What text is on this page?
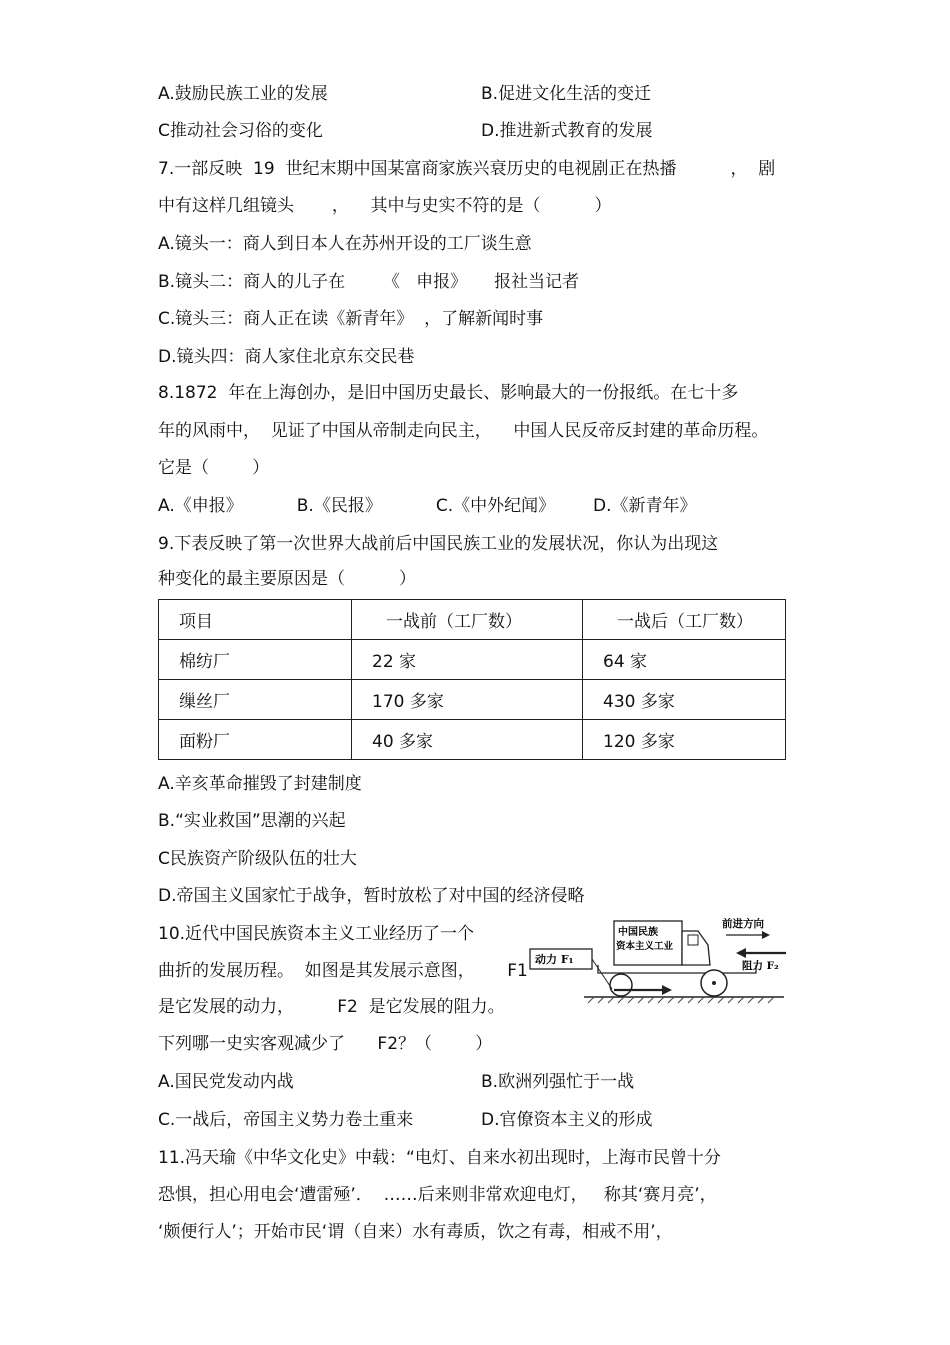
A.鼓励民族工业的发展	B.促进文化生活的变迁
C推动社会习俗的变化	D.推进新式教育的发展
7.一部反映  19  世纪末期中国某富商家族兴衰历史的电视剧正在热播          ，  剧
中有这样几组镜头       ，    其中与史实不符的是（          ）
A.镜头一：商人到日本人在苏州开设的工厂谈生意
B.镜头二：商人的儿子在       《   申报》     报社当记者
C.镜头三：商人正在读《新青年》  ，了解新闻时事
D.镜头四：商人家住北京东交民巷
8.1872  年在上海创办，是旧中国历史最长、影响最大的一份报纸。在七十多
年的风雨中，  见证了中国从帝制走向民主，    中国人民反帝反封建的革命历程。
它是（        ）
A.《申报》          B.《民报》          C.《中外纪闻》       D.《新青年》
9.下表反映了第一次世界大战前后中国民族工业的发展状况，你认为出现这
种变化的最主要原因是（          ）
项目	一战前（工厂数）	一战后（工厂数）
棉纺厂	22 家	64 家
缫丝厂	170 多家	430 多家
面粉厂	40 多家	120 多家
A.辛亥革命摧毁了封建制度
B.“实业救国”思潮的兴起
C民族资产阶级队伍的壮大
D.帝国主义国家忙于战争，暂时放松了对中国的经济侵略
10.近代中国民族资本主义工业经历了一个
曲折的发展历程。  如图是其发展示意图，      F1
是它发展的动力，        F2  是它发展的阻力。
下列哪一史实客观减少了      F2？（        ）
中国民族
资本主义工业
动力 F₁
前进方向
阻力 F₂
A.国民党发动内战	B.欧洲列强忙于一战
C.一战后，帝国主义势力卷土重来	D.官僚资本主义的形成
11.冯天瑜《中华文化史》中载：“电灯、自来水初出现时，上海市民曾十分
恐惧，担心用电会‘遭雷殛’．  ……后来则非常欢迎电灯，   称其‘赛月亮’，
‘颇便行人’；开始市民‘谓（自来）水有毒质，饮之有毒，相戒不用’，
